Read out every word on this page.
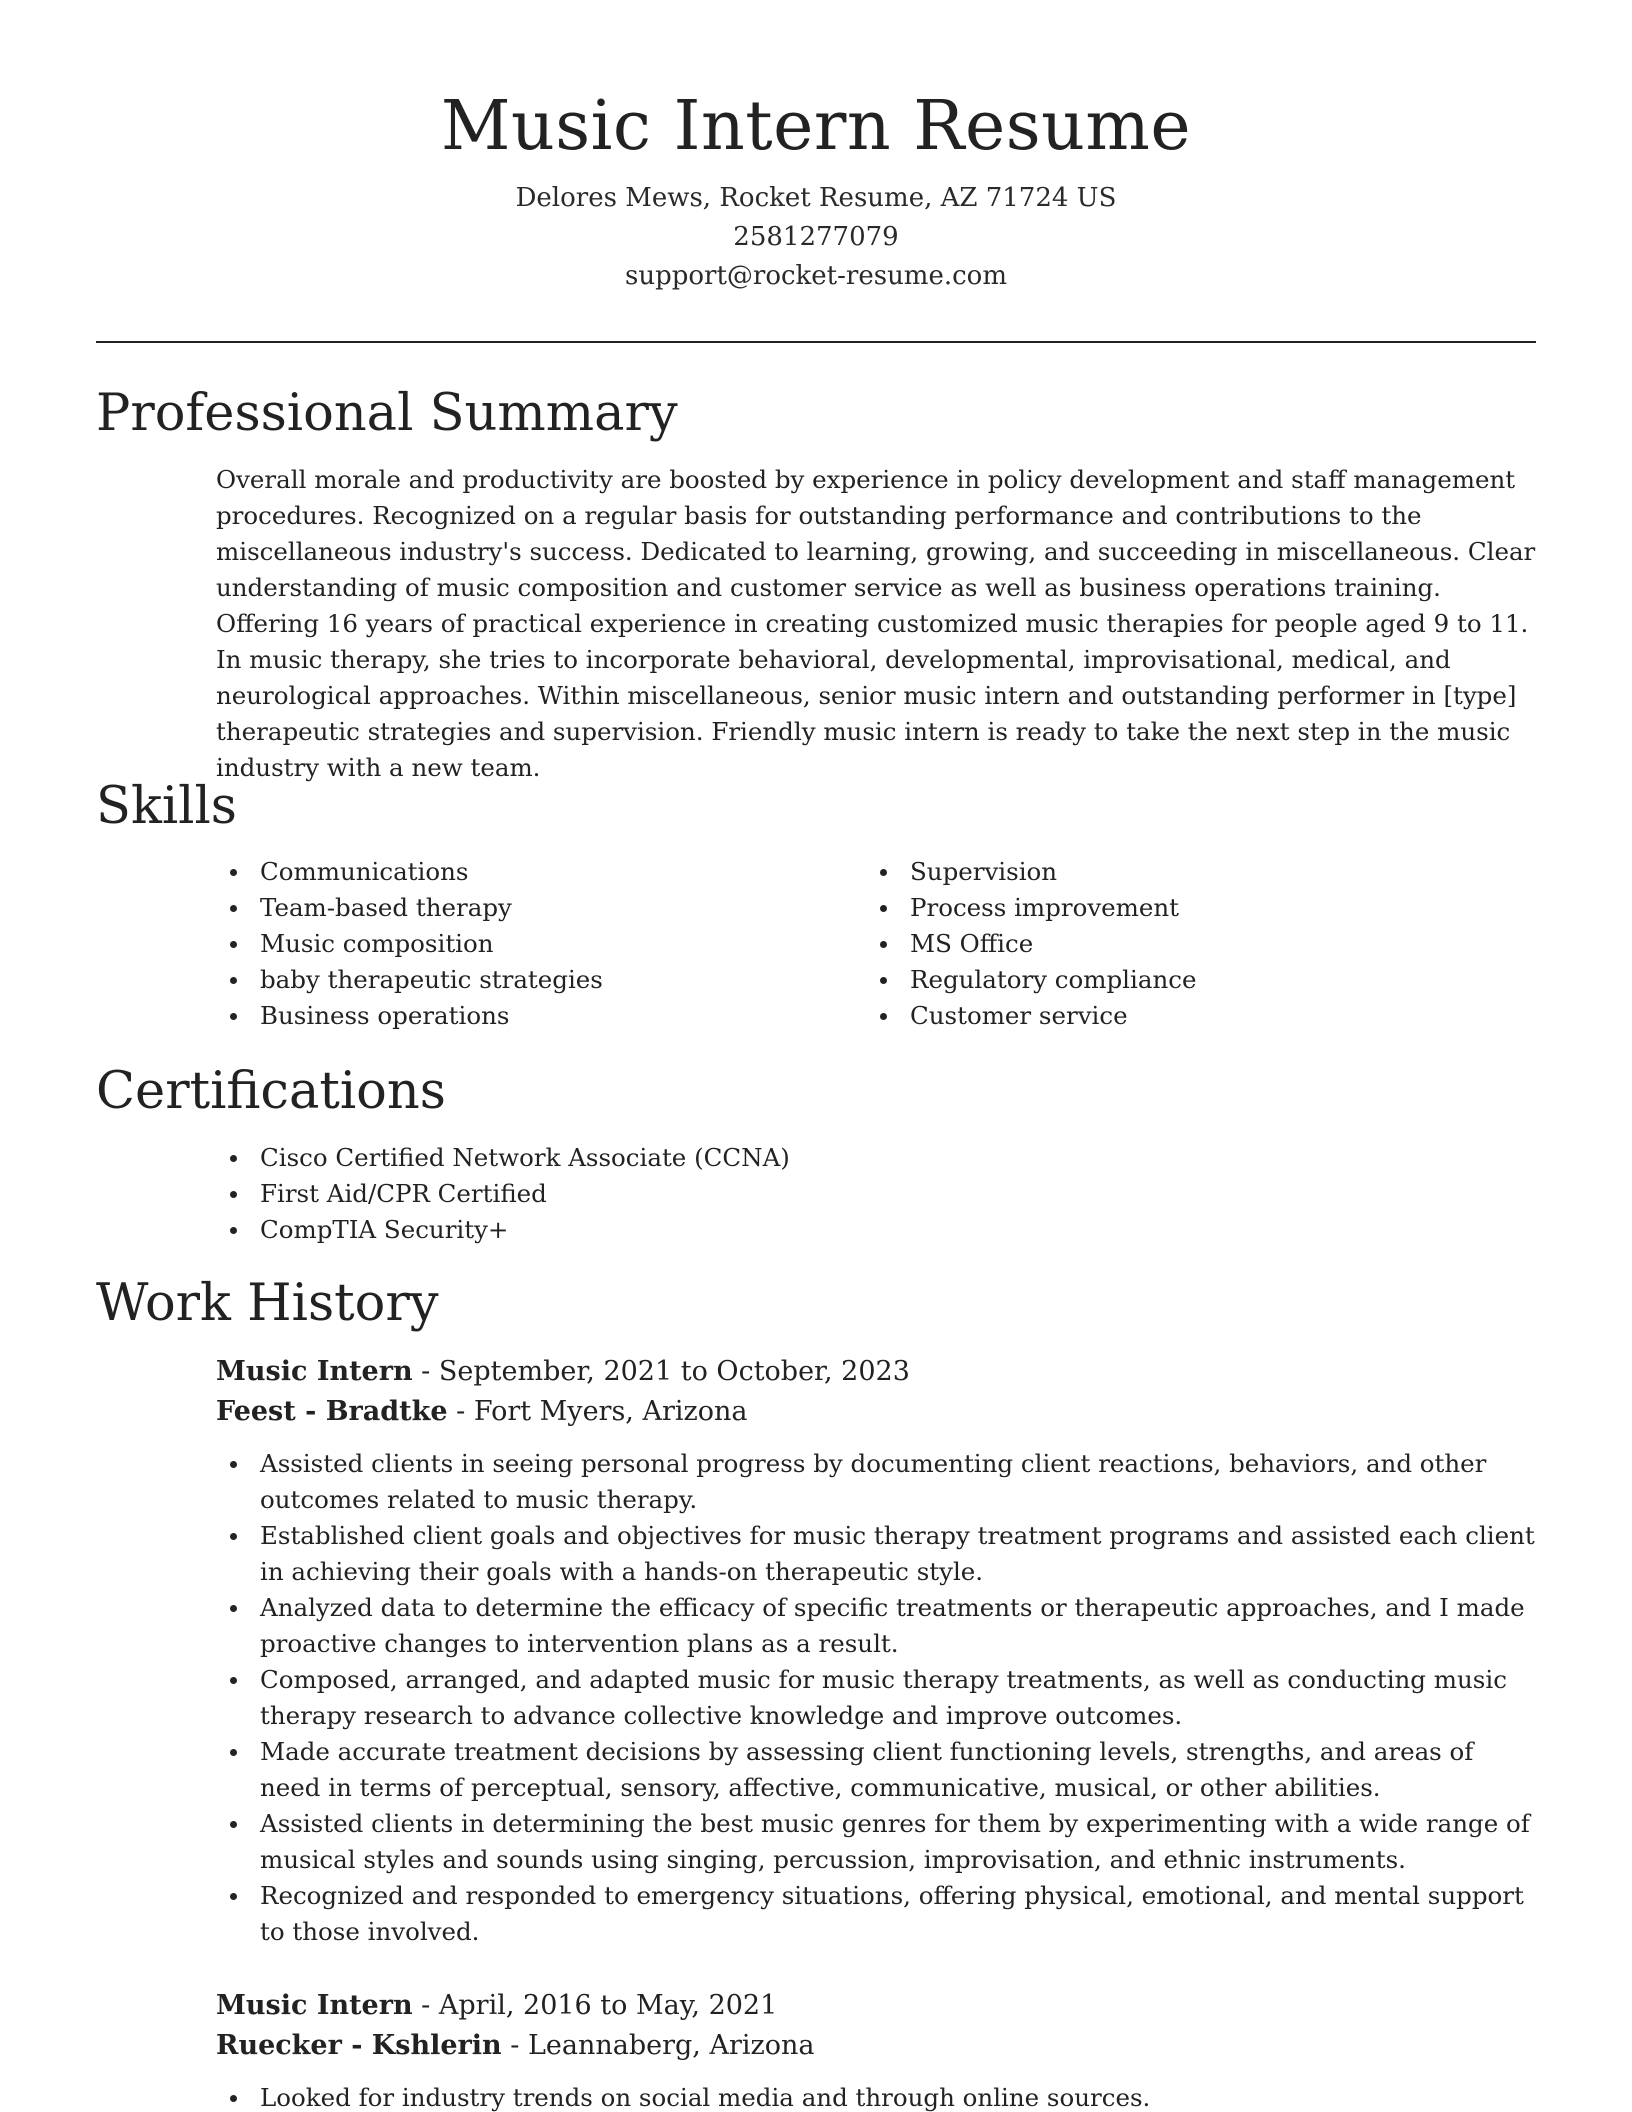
Music Intern Resume
Delores Mews, Rocket Resume, AZ 71724 US
2581277079
support@rocket-resume.com
Professional Summary

Overall morale and productivity are boosted by experience in policy development and staff management procedures. Recognized on a regular basis for outstanding performance and contributions to the miscellaneous industry's success. Dedicated to learning, growing, and succeeding in miscellaneous. Clear understanding of music composition and customer service as well as business operations training. Offering 16 years of practical experience in creating customized music therapies for people aged 9 to 11. In music therapy, she tries to incorporate behavioral, developmental, improvisational, medical, and neurological approaches. Within miscellaneous, senior music intern and outstanding performer in [type] therapeutic strategies and supervision. Friendly music intern is ready to take the next step in the music industry with a new team.

Skills
Communications
Team-based therapy
Music composition
baby therapeutic strategies
Business operations
Supervision
Process improvement
MS Office
Regulatory compliance
Customer service
Certifications
Cisco Certified Network Associate (CCNA)
First Aid/CPR Certified
CompTIA Security+
Work History
Music Intern - September, 2021 to October, 2023
Feest - Bradtke - Fort Myers, Arizona
Assisted clients in seeing personal progress by documenting client reactions, behaviors, and other outcomes related to music therapy.
Established client goals and objectives for music therapy treatment programs and assisted each client in achieving their goals with a hands-on therapeutic style.
Analyzed data to determine the efficacy of specific treatments or therapeutic approaches, and I made proactive changes to intervention plans as a result.
Composed, arranged, and adapted music for music therapy treatments, as well as conducting music therapy research to advance collective knowledge and improve outcomes.
Made accurate treatment decisions by assessing client functioning levels, strengths, and areas of need in terms of perceptual, sensory, affective, communicative, musical, or other abilities.
Assisted clients in determining the best music genres for them by experimenting with a wide range of musical styles and sounds using singing, percussion, improvisation, and ethnic instruments.
Recognized and responded to emergency situations, offering physical, emotional, and mental support to those involved.
Music Intern - April, 2016 to May, 2021
Ruecker - Kshlerin - Leannaberg, Arizona
Looked for industry trends on social media and through online sources.
